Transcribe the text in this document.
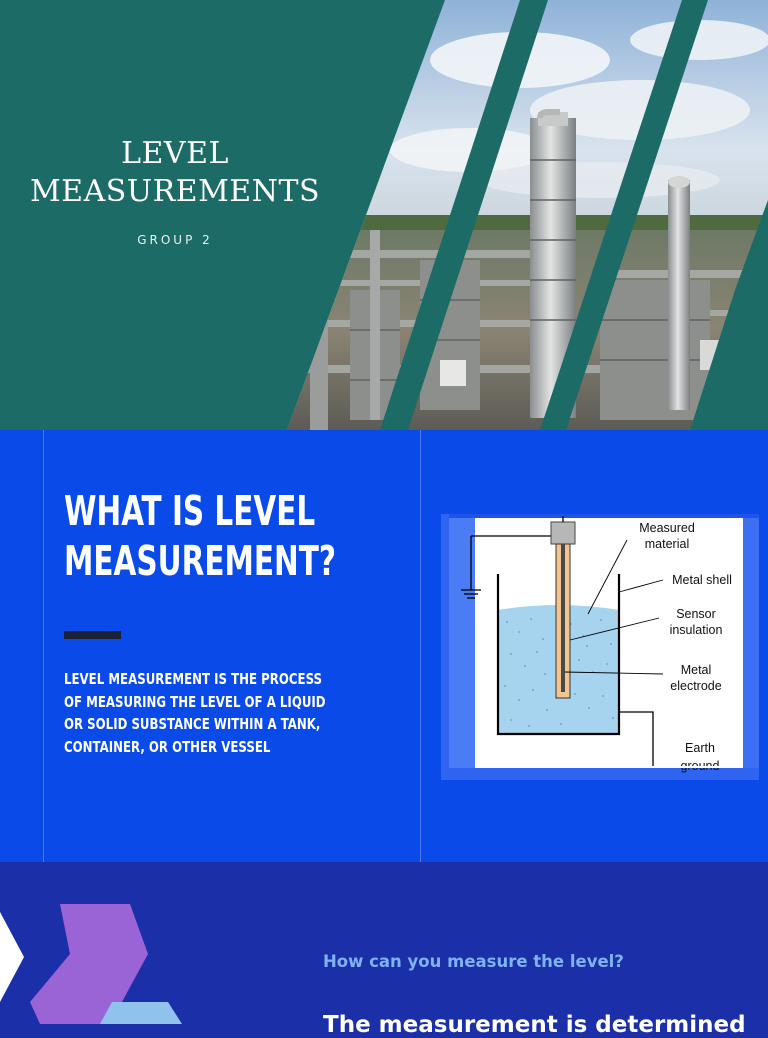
LEVEL
MEASUREMENTS
GROUP 2
WHAT IS LEVEL
MEASUREMENT?

LEVEL MEASUREMENT IS THE PROCESS OF MEASURING THE LEVEL OF A LIQUID OR SOLID SUBSTANCE WITHIN A TANK, CONTAINER, OR OTHER VESSEL

Measured
material
Metal shell
Sensor
insulation
Metal
electrode
Earth

How can you measure the level?

The measurement is determined
